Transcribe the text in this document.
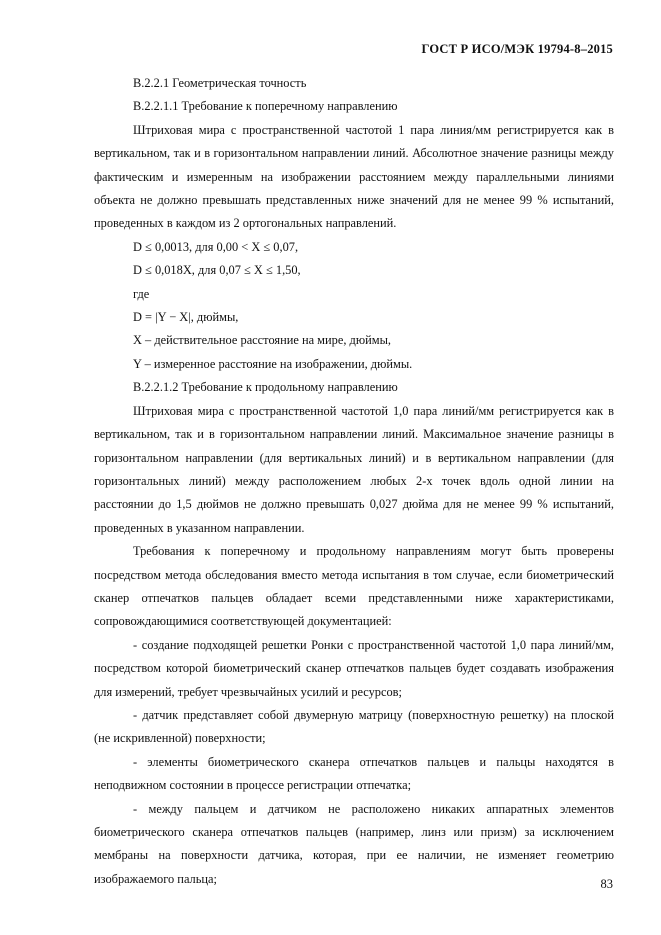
ГОСТ Р ИСО/МЭК 19794-8–2015

В.2.2.1 Геометрическая точность

В.2.2.1.1 Требование к поперечному направлению

Штриховая мира с пространственной частотой 1 пара линия/мм регистрируется как в вертикальном, так и в горизонтальном направлении линий. Абсолютное значение разницы между фактическим и измеренным на изображении расстоянием между параллельными линиями объекта не должно превышать представленных ниже значений для не менее 99 % испытаний, проведенных в каждом из 2 ортогональных направлений.

D ≤ 0,0013, для 0,00 < X ≤ 0,07,

D ≤ 0,018X, для 0,07 ≤ X ≤ 1,50,

где

D = |Y − X|, дюймы,

X – действительное расстояние на мире, дюймы,

Y – измеренное расстояние на изображении, дюймы.

В.2.2.1.2 Требование к продольному направлению

Штриховая мира с пространственной частотой 1,0 пара линий/мм регистрируется как в вертикальном, так и в горизонтальном направлении линий. Максимальное значение разницы в горизонтальном направлении (для вертикальных линий) и в вертикальном направлении (для горизонтальных линий) между расположением любых 2-х точек вдоль одной линии на расстоянии до 1,5 дюймов не должно превышать 0,027 дюйма для не менее 99 % испытаний, проведенных в указанном направлении.

Требования к поперечному и продольному направлениям могут быть проверены посредством метода обследования вместо метода испытания в том случае, если биометрический сканер отпечатков пальцев обладает всеми представленными ниже характеристиками, сопровождающимися соответствующей документацией:

- создание подходящей решетки Ронки с пространственной частотой 1,0 пара линий/мм, посредством которой биометрический сканер отпечатков пальцев будет создавать изображения для измерений, требует чрезвычайных усилий и ресурсов;

- датчик представляет собой двумерную матрицу (поверхностную решетку) на плоской (не искривленной) поверхности;

- элементы биометрического сканера отпечатков пальцев и пальцы находятся в неподвижном состоянии в процессе регистрации отпечатка;

- между пальцем и датчиком не расположено никаких аппаратных элементов биометрического сканера отпечатков пальцев (например, линз или призм) за исключением мембраны на поверхности датчика, которая, при ее наличии, не изменяет геометрию изображаемого пальца;	83
